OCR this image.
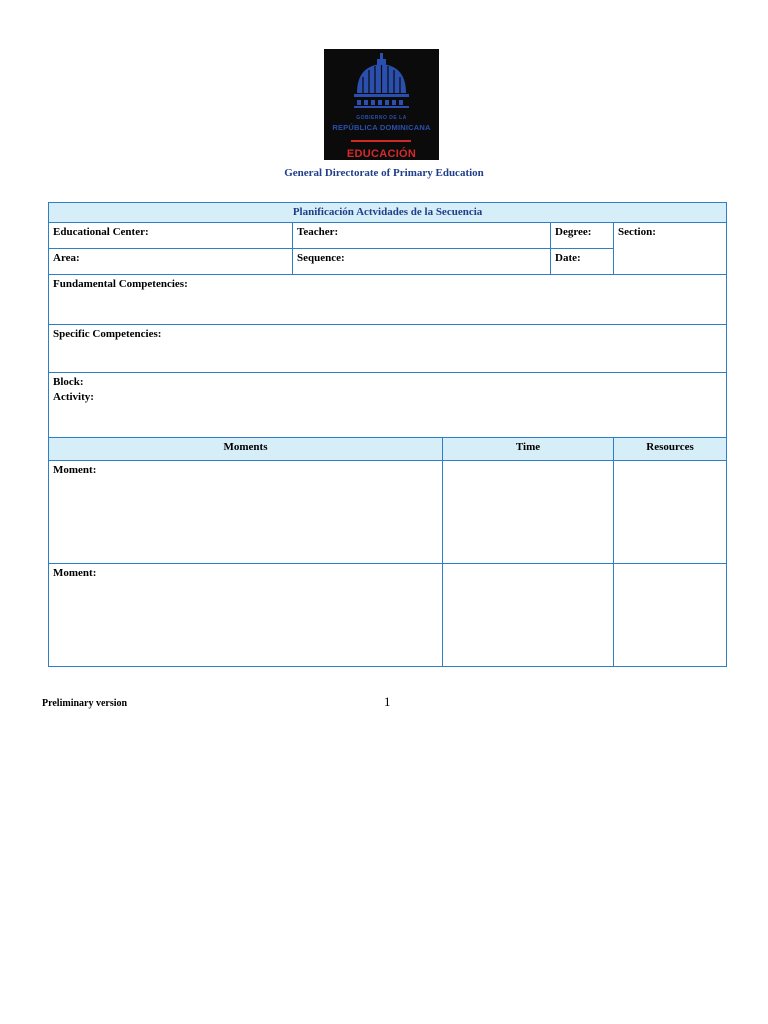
GOBIERNO DE LA
REPÚBLICA DOMINICANA
EDUCACIÓN
General Directorate of Primary Education
Planificación Actvidades de la Secuencia				
Educational Center:	Teacher:		Degree:	Section:
Area:	Sequence:		Date:	
Fundamental Competencies:				
Specific Competencies:				

Block:
Activity:				

Moments		Time		Resources
Moment:				
Moment:				
Preliminary version	1
